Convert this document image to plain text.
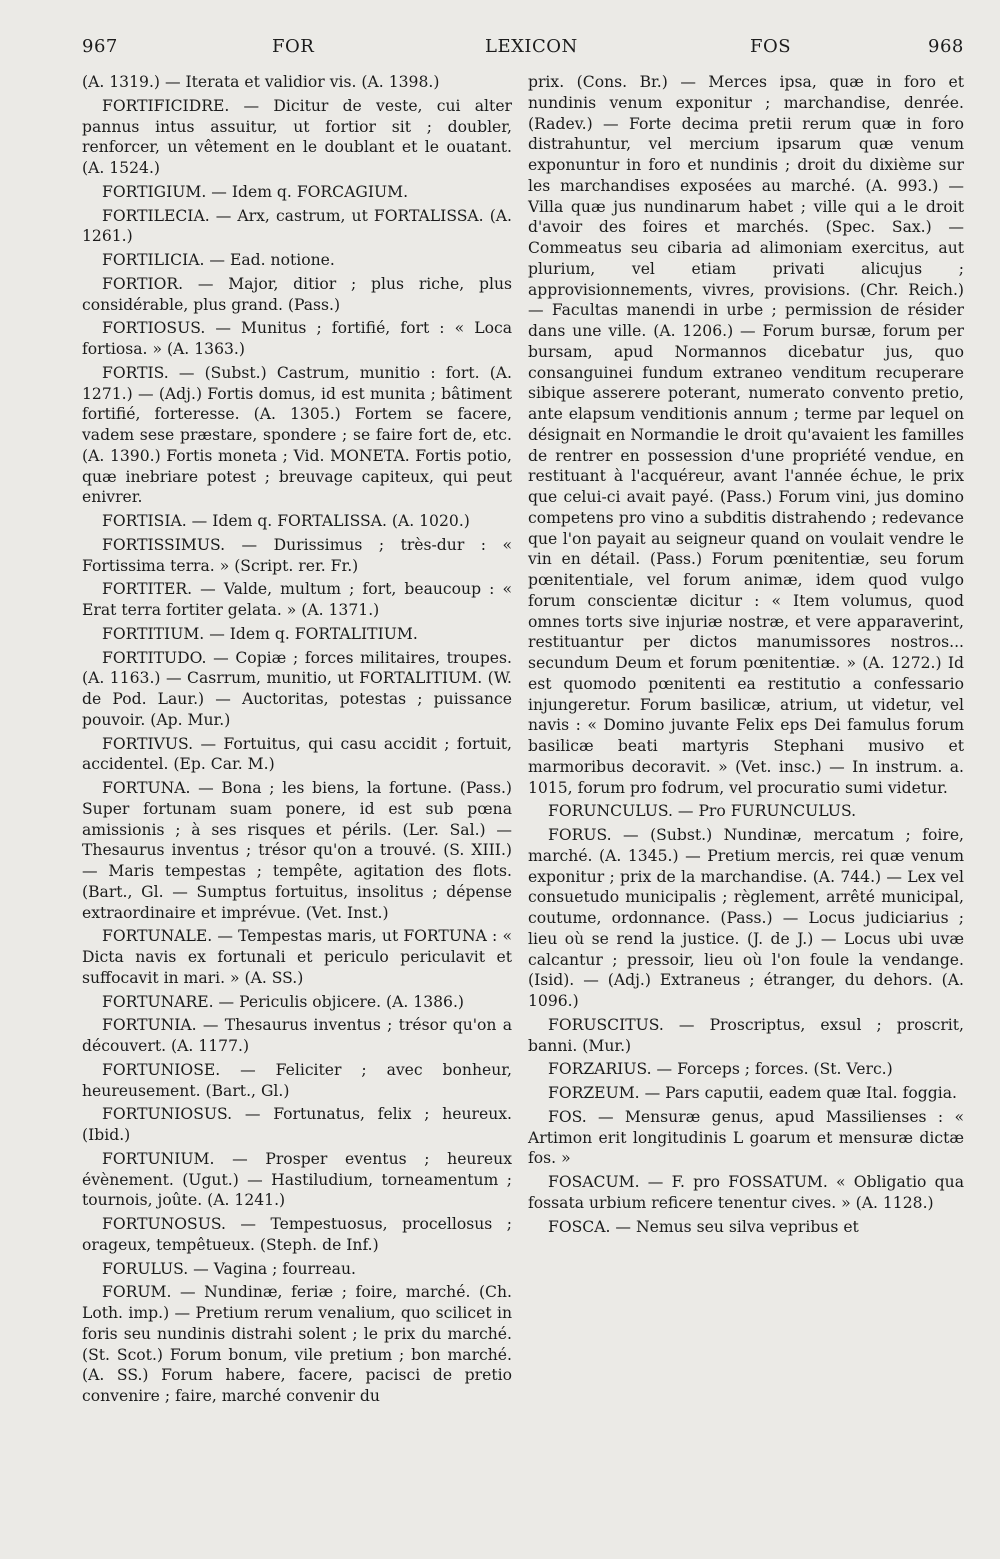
967	FOR	LEXICON	FOS	968

(A. 1319.) — Iterata et validior vis. (A. 1398.)

FORTIFICIDRE. — Dicitur de veste, cui alter pannus intus assuitur, ut fortior sit ; doubler, renforcer, un vêtement en le doublant et le ouatant. (A. 1524.)

FORTIGIUM. — Idem q. FORCAGIUM.

FORTILECIA. — Arx, castrum, ut FORTALISSA. (A. 1261.)

FORTILICIA. — Ead. notione.

FORTIOR. — Major, ditior ; plus riche, plus considérable, plus grand. (Pass.)

FORTIOSUS. — Munitus ; fortifié, fort : « Loca fortiosa. » (A. 1363.)

FORTIS. — (Subst.) Castrum, munitio : fort. (A. 1271.) — (Adj.) Fortis domus, id est munita ; bâtiment fortifié, forteresse. (A. 1305.) Fortem se facere, vadem sese præstare, spondere ; se faire fort de, etc. (A. 1390.) Fortis moneta ; Vid. MONETA. Fortis potio, quæ inebriare potest ; breuvage capiteux, qui peut enivrer.

FORTISIA. — Idem q. FORTALISSA. (A. 1020.)

FORTISSIMUS. — Durissimus ; très-dur : « Fortissima terra. » (Script. rer. Fr.)

FORTITER. — Valde, multum ; fort, beaucoup : « Erat terra fortiter gelata. » (A. 1371.)

FORTITIUM. — Idem q. FORTALITIUM.

FORTITUDO. — Copiæ ; forces militaires, troupes. (A. 1163.) — Casrrum, munitio, ut FORTALITIUM. (W. de Pod. Laur.) — Auctoritas, potestas ; puissance pouvoir. (Ap. Mur.)

FORTIVUS. — Fortuitus, qui casu accidit ; fortuit, accidentel. (Ep. Car. M.)

FORTUNA. — Bona ; les biens, la fortune. (Pass.) Super fortunam suam ponere, id est sub pœna amissionis ; à ses risques et périls. (Ler. Sal.) — Thesaurus inventus ; trésor qu'on a trouvé. (S. XIII.) — Maris tempestas ; tempête, agitation des flots. (Bart., Gl. — Sumptus fortuitus, insolitus ; dépense extraordinaire et imprévue. (Vet. Inst.)

FORTUNALE. — Tempestas maris, ut FORTUNA : « Dicta navis ex fortunali et periculo periculavit et suffocavit in mari. » (A. SS.)

FORTUNARE. — Periculis objicere. (A. 1386.)

FORTUNIA. — Thesaurus inventus ; trésor qu'on a découvert. (A. 1177.)

FORTUNIOSE. — Feliciter ; avec bonheur, heureusement. (Bart., Gl.)

FORTUNIOSUS. — Fortunatus, felix ; heureux. (Ibid.)

FORTUNIUM. — Prosper eventus ; heureux évènement. (Ugut.) — Hastiludium, torneamentum ; tournois, joûte. (A. 1241.)

FORTUNOSUS. — Tempestuosus, procellosus ; orageux, tempêtueux. (Steph. de Inf.)

FORULUS. — Vagina ; fourreau.

FORUM. — Nundinæ, feriæ ; foire, marché. (Ch. Loth. imp.) — Pretium rerum venalium, quo scilicet in foris seu nundinis distrahi solent ; le prix du marché. (St. Scot.) Forum bonum, vile pretium ; bon marché. (A. SS.) Forum habere, facere, pacisci de pretio convenire ; faire, marché convenir du

prix. (Cons. Br.) — Merces ipsa, quæ in foro et nundinis venum exponitur ; marchandise, denrée. (Radev.) — Forte decima pretii rerum quæ in foro distrahuntur, vel mercium ipsarum quæ venum exponuntur in foro et nundinis ; droit du dixième sur les marchandises exposées au marché. (A. 993.) — Villa quæ jus nundinarum habet ; ville qui a le droit d'avoir des foires et marchés. (Spec. Sax.) — Commeatus seu cibaria ad alimoniam exercitus, aut plurium, vel etiam privati alicujus ; approvisionnements, vivres, provisions. (Chr. Reich.) — Facultas manendi in urbe ; permission de résider dans une ville. (A. 1206.) — Forum bursæ, forum per bursam, apud Normannos dicebatur jus, quo consanguinei fundum extraneo venditum recuperare sibique asserere poterant, numerato convento pretio, ante elapsum venditionis annum ; terme par lequel on désignait en Normandie le droit qu'avaient les familles de rentrer en possession d'une propriété vendue, en restituant à l'acquéreur, avant l'année échue, le prix que celui-ci avait payé. (Pass.) Forum vini, jus domino competens pro vino a subditis distrahendo ; redevance que l'on payait au seigneur quand on voulait vendre le vin en détail. (Pass.) Forum pœnitentiæ, seu forum pœnitentiale, vel forum animæ, idem quod vulgo forum conscientæ dicitur : « Item volumus, quod omnes torts sive injuriæ nostræ, et vere apparaverint, restituantur per dictos manumissores nostros... secundum Deum et forum pœnitentiæ. » (A. 1272.) Id est quomodo pœnitenti ea restitutio a confessario injungeretur. Forum basilicæ, atrium, ut videtur, vel navis : « Domino juvante Felix eps Dei famulus forum basilicæ beati martyris Stephani musivo et marmoribus decoravit. » (Vet. insc.) — In instrum. a. 1015, forum pro fodrum, vel procuratio sumi videtur.

FORUNCULUS. — Pro FURUNCULUS.

FORUS. — (Subst.) Nundinæ, mercatum ; foire, marché. (A. 1345.) — Pretium mercis, rei quæ venum exponitur ; prix de la marchandise. (A. 744.) — Lex vel consuetudo municipalis ; règlement, arrêté municipal, coutume, ordonnance. (Pass.) — Locus judiciarius ; lieu où se rend la justice. (J. de J.) — Locus ubi uvæ calcantur ; pressoir, lieu où l'on foule la vendange. (Isid). — (Adj.) Extraneus ; étranger, du dehors. (A. 1096.)

FORUSCITUS. — Proscriptus, exsul ; proscrit, banni. (Mur.)

FORZARIUS. — Forceps ; forces. (St. Verc.)

FORZEUM. — Pars caputii, eadem quæ Ital. foggia.

FOS. — Mensuræ genus, apud Massilienses : « Artimon erit longitudinis L goarum et mensuræ dictæ fos. »

FOSACUM. — F. pro FOSSATUM. « Obligatio qua fossata urbium reficere tenentur cives. » (A. 1128.)

FOSCA. — Nemus seu silva vepribus et
